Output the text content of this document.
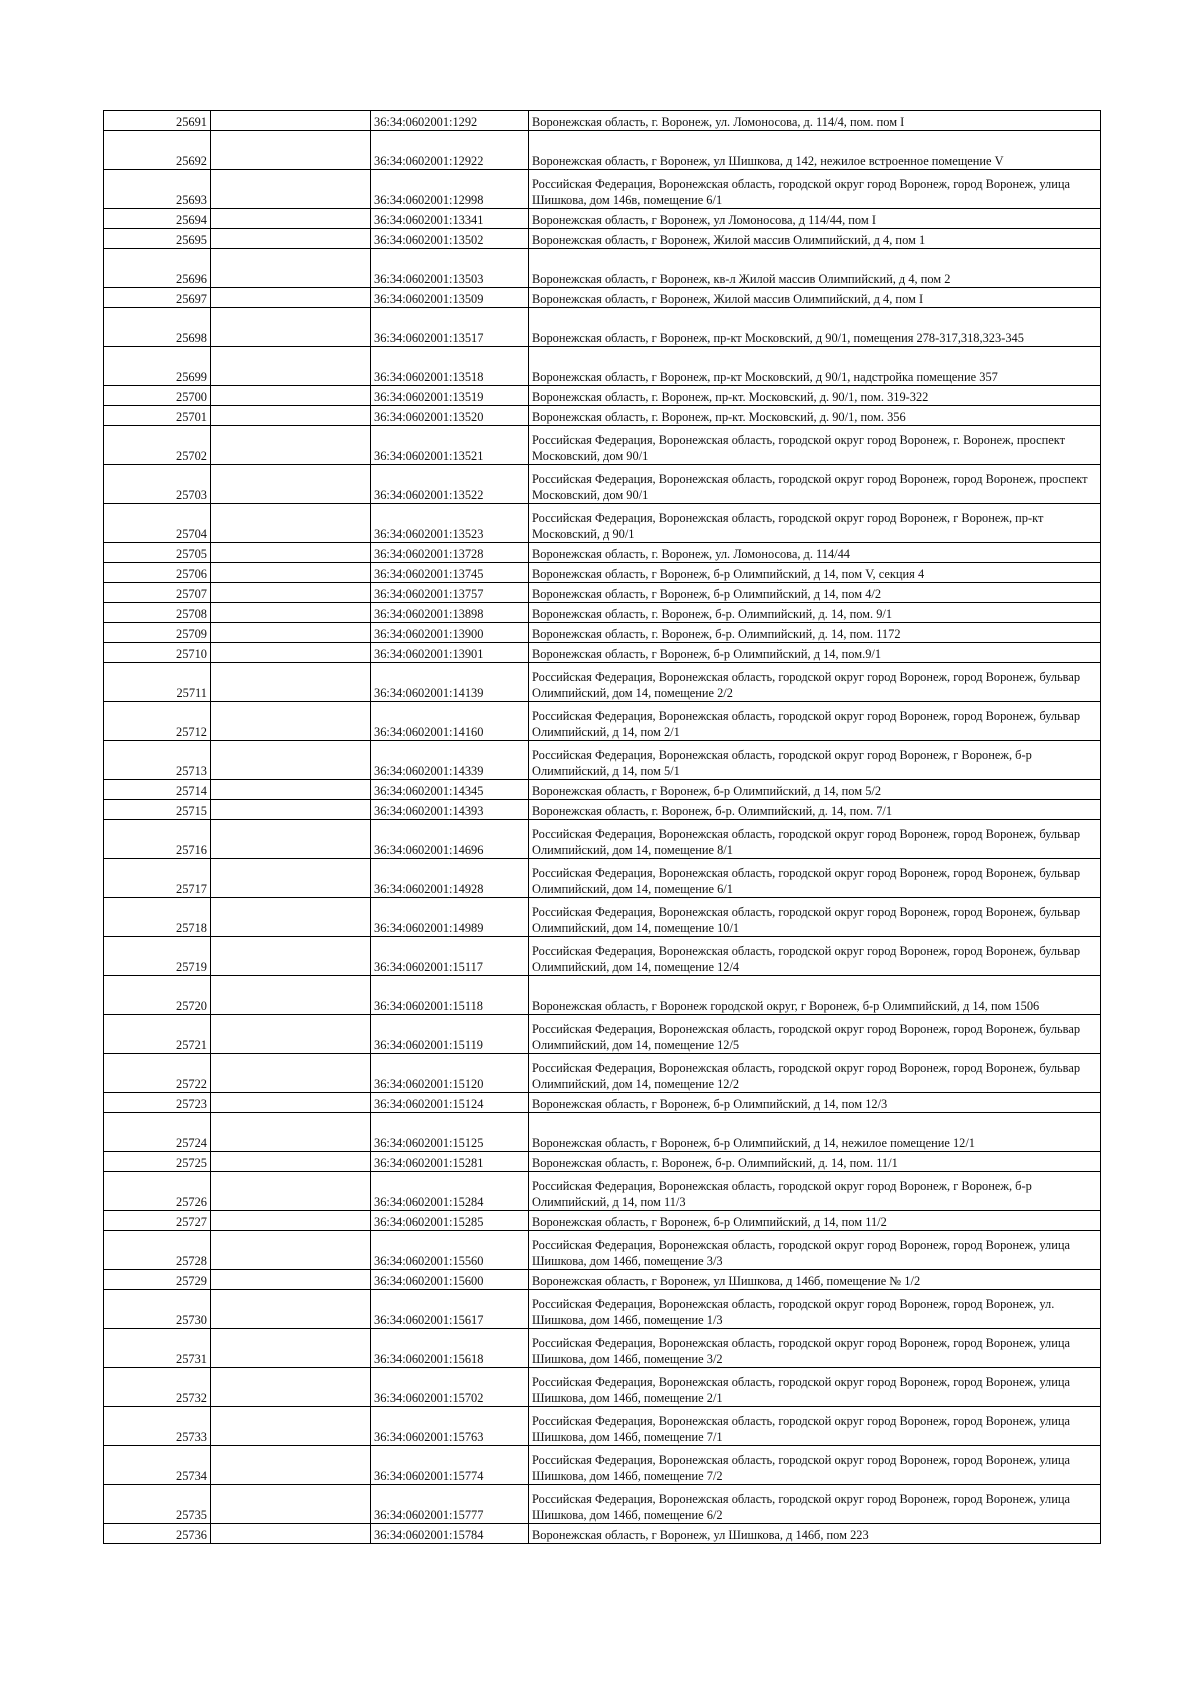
25691		36:34:0602001:1292	Воронежская область, г. Воронеж, ул. Ломоносова, д. 114/4, пом. пом I
25692		36:34:0602001:12922	Воронежская область, г Воронеж, ул Шишкова, д 142, нежилое встроенное помещение V
25693		36:34:0602001:12998	Российская Федерация, Воронежская область, городской округ город Воронеж, город Воронеж, улица Шишкова, дом 146в, помещение 6/1
25694		36:34:0602001:13341	Воронежская область, г Воронеж, ул Ломоносова, д 114/44, пом I
25695		36:34:0602001:13502	Воронежская область, г Воронеж, Жилой массив Олимпийский, д 4, пом 1
25696		36:34:0602001:13503	Воронежская область, г Воронеж, кв-л Жилой массив Олимпийский, д 4, пом 2
25697		36:34:0602001:13509	Воронежская область, г Воронеж, Жилой массив Олимпийский, д 4, пом I
25698		36:34:0602001:13517	Воронежская область, г Воронеж, пр-кт Московский, д 90/1, помещения 278-317,318,323-345
25699		36:34:0602001:13518	Воронежская область, г Воронеж, пр-кт Московский, д 90/1, надстройка помещение 357
25700		36:34:0602001:13519	Воронежская область, г. Воронеж, пр-кт. Московский, д. 90/1, пом. 319-322
25701		36:34:0602001:13520	Воронежская область, г. Воронеж, пр-кт. Московский, д. 90/1, пом. 356
25702		36:34:0602001:13521	Российская Федерация, Воронежская область, городской округ город Воронеж, г. Воронеж, проспект Московский, дом 90/1
25703		36:34:0602001:13522	Российская Федерация, Воронежская область, городской округ город Воронеж, город Воронеж, проспект Московский, дом 90/1
25704		36:34:0602001:13523	Российская Федерация, Воронежская область, городской округ город Воронеж, г Воронеж, пр-кт Московский, д 90/1
25705		36:34:0602001:13728	Воронежская область, г. Воронеж, ул. Ломоносова, д. 114/44
25706		36:34:0602001:13745	Воронежская область, г Воронеж, б-р Олимпийский, д 14, пом V, секция 4
25707		36:34:0602001:13757	Воронежская область, г Воронеж, б-р Олимпийский, д 14, пом 4/2
25708		36:34:0602001:13898	Воронежская область, г. Воронеж, б-р. Олимпийский, д. 14, пом. 9/1
25709		36:34:0602001:13900	Воронежская область, г. Воронеж, б-р. Олимпийский, д. 14, пом. 1172
25710		36:34:0602001:13901	Воронежская область, г Воронеж, б-р Олимпийский, д 14, пом.9/1
25711		36:34:0602001:14139	Российская Федерация, Воронежская область, городской округ город Воронеж, город Воронеж, бульвар Олимпийский, дом 14, помещение 2/2
25712		36:34:0602001:14160	Российская Федерация, Воронежская область, городской округ город Воронеж, город Воронеж, бульвар Олимпийский, д 14, пом 2/1
25713		36:34:0602001:14339	Российская Федерация, Воронежская область, городской округ город Воронеж, г Воронеж, б-р Олимпийский, д 14, пом 5/1
25714		36:34:0602001:14345	Воронежская область, г Воронеж, б-р Олимпийский, д 14, пом 5/2
25715		36:34:0602001:14393	Воронежская область, г. Воронеж, б-р. Олимпийский, д. 14, пом. 7/1
25716		36:34:0602001:14696	Российская Федерация, Воронежская область, городской округ город Воронеж, город Воронеж, бульвар Олимпийский, дом 14, помещение 8/1
25717		36:34:0602001:14928	Российская Федерация, Воронежская область, городской округ город Воронеж, город Воронеж, бульвар Олимпийский, дом 14, помещение 6/1
25718		36:34:0602001:14989	Российская Федерация, Воронежская область, городской округ город Воронеж, город Воронеж, бульвар Олимпийский, дом 14, помещение 10/1
25719		36:34:0602001:15117	Российская Федерация, Воронежская область, городской округ город Воронеж, город Воронеж, бульвар Олимпийский, дом 14, помещение 12/4
25720		36:34:0602001:15118	Воронежская область, г Воронеж городской округ, г Воронеж, б-р Олимпийский, д 14, пом 1506
25721		36:34:0602001:15119	Российская Федерация, Воронежская область, городской округ город Воронеж, город Воронеж, бульвар Олимпийский, дом 14, помещение 12/5
25722		36:34:0602001:15120	Российская Федерация, Воронежская область, городской округ город Воронеж, город Воронеж, бульвар Олимпийский, дом 14, помещение 12/2
25723		36:34:0602001:15124	Воронежская область, г Воронеж, б-р Олимпийский, д 14, пом 12/3
25724		36:34:0602001:15125	Воронежская область, г Воронеж, б-р Олимпийский, д 14, нежилое помещение 12/1
25725		36:34:0602001:15281	Воронежская область, г. Воронеж, б-р. Олимпийский, д. 14, пом. 11/1
25726		36:34:0602001:15284	Российская Федерация, Воронежская область, городской округ город Воронеж, г Воронеж, б-р Олимпийский, д 14, пом 11/3
25727		36:34:0602001:15285	Воронежская область, г Воронеж, б-р Олимпийский, д 14, пом 11/2
25728		36:34:0602001:15560	Российская Федерация, Воронежская область, городской округ город Воронеж, город Воронеж, улица Шишкова, дом 146б, помещение 3/3
25729		36:34:0602001:15600	Воронежская область, г Воронеж, ул Шишкова, д 146б, помещение № 1/2
25730		36:34:0602001:15617	Российская Федерация, Воронежская область, городской округ город Воронеж, город Воронеж, ул. Шишкова, дом 146б, помещение 1/3
25731		36:34:0602001:15618	Российская Федерация, Воронежская область, городской округ город Воронеж, город Воронеж, улица Шишкова, дом 146б, помещение 3/2
25732		36:34:0602001:15702	Российская Федерация, Воронежская область, городской округ город Воронеж, город Воронеж, улица Шишкова, дом 146б, помещение 2/1
25733		36:34:0602001:15763	Российская Федерация, Воронежская область, городской округ город Воронеж, город Воронеж, улица Шишкова, дом 146б, помещение 7/1
25734		36:34:0602001:15774	Российская Федерация, Воронежская область, городской округ город Воронеж, город Воронеж, улица Шишкова, дом 146б, помещение 7/2
25735		36:34:0602001:15777	Российская Федерация, Воронежская область, городской округ город Воронеж, город Воронеж, улица Шишкова, дом 146б, помещение 6/2
25736		36:34:0602001:15784	Воронежская область, г Воронеж, ул Шишкова, д 146б, пом 223
